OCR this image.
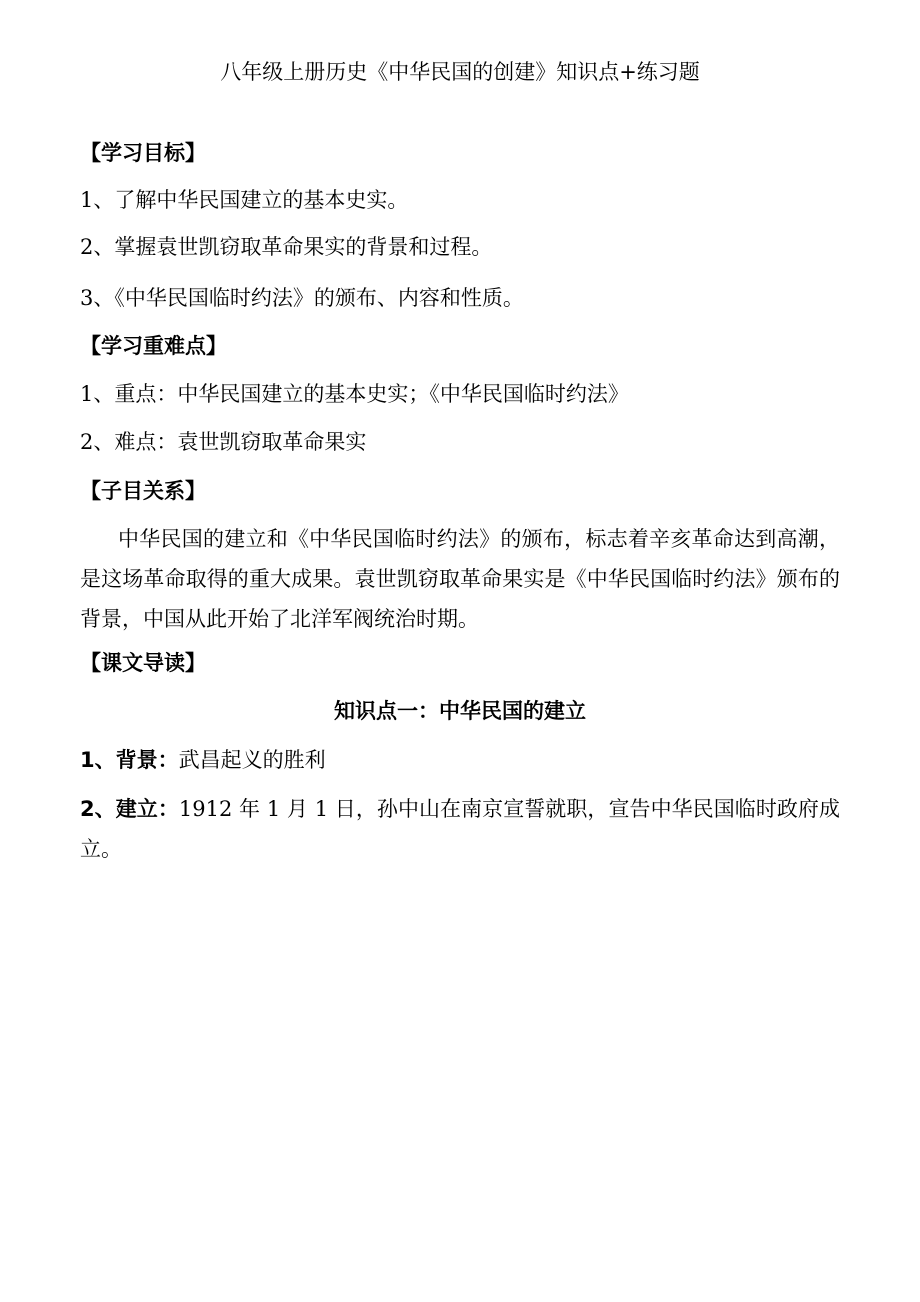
八年级上册历史《中华民国的创建》知识点+练习题
【学习目标】
1、了解中华民国建立的基本史实。
2、掌握袁世凯窃取革命果实的背景和过程。
3、《中华民国临时约法》的颁布、内容和性质。
【学习重难点】
1、重点：中华民国建立的基本史实；《中华民国临时约法》
2、难点：袁世凯窃取革命果实
【子目关系】
中华民国的建立和《中华民国临时约法》的颁布，标志着辛亥革命达到高潮，是这场革命取得的重大成果。袁世凯窃取革命果实是《中华民国临时约法》颁布的背景，中国从此开始了北洋军阀统治时期。
【课文导读】
知识点一：中华民国的建立
1、背景：武昌起义的胜利
2、建立：1912 年 1 月 1 日，孙中山在南京宣誓就职，宣告中华民国临时政府成立。
